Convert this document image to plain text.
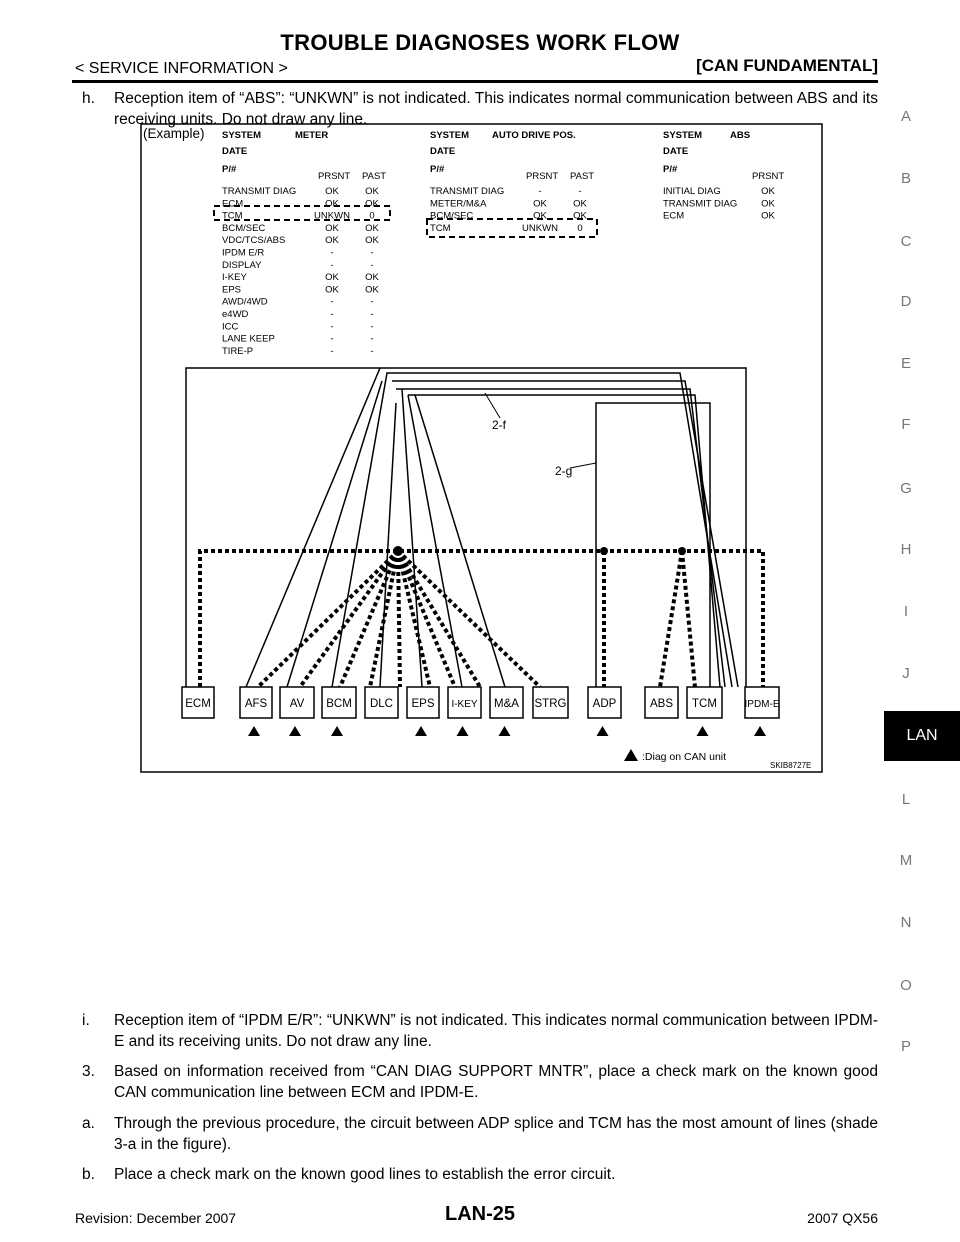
TROUBLE DIAGNOSES WORK FLOW
< SERVICE INFORMATION >	[CAN FUNDAMENTAL]
h.	Reception item of “ABS”: “UNKWN” is not indicated. This indicates normal communication between ABS and its receiving units. Do not draw any line.
(Example) SYSTEM	METER
DATE
P/#
PRSNT PAST
TRANSMIT DIAG	OK	OK
ECM	OK	OK
TCM	UNKWN 0
BCM/SEC	OK	OK
VDC/TCS/ABS	OK	OK
IPDM E/R	-	-
DISPLAY	-	-
I-KEY	OK	OK
EPS	OK	OK
AWD/4WD	-	-
e4WD	-	-
ICC	-	-
LANE KEEP	-	-
TIRE-P	-	-
SYSTEM AUTO DRIVE POS.
DATE
P/#
PRSNT PAST
TRANSMIT DIAG	-	-
METER/M&A	OK	OK
BCM/SEC	OK	OK
TCM	UNKWN 0
SYSTEM	ABS
DATE
P/#
PRSNT
INITIAL DIAG	OK
TRANSMIT DIAG	OK
ECM	OK
2-f
2-g
ECM	AFS AV BCM DLC EPS I-KEY M&A STRG ADP	ABS TCM	IPDM-E
:Diag on CAN unit
SKIB8727E
i.	Reception item of “IPDM E/R”: “UNKWN” is not indicated. This indicates normal communication between IPDM-E and its receiving units. Do not draw any line.
3.	Based on information received from “CAN DIAG SUPPORT MNTR”, place a check mark on the known good CAN communication line between ECM and IPDM-E.
a.	Through the previous procedure, the circuit between ADP splice and TCM has the most amount of lines (shade 3-a in the figure).
b.	Place a check mark on the known good lines to establish the error circuit.
A
B
C
D
E
F
G
H
I
J
LAN
L
M
N
O
P
Revision: December 2007	LAN-25	2007 QX56
